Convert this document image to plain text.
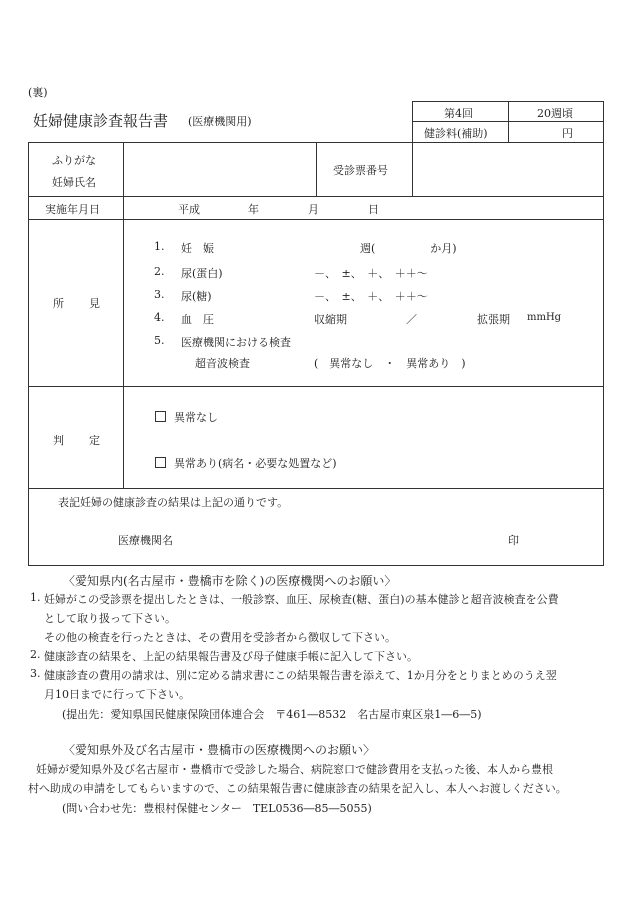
(裏)
妊婦健康診査報告書 (医療機関用)
第4回	20週頃
健診料(補助)	円
ふりがな
妊婦氏名
受診票番号
実施年月日	平成	年	月	日
所 見
1. 妊　娠	週(　　　　　か月)
2. 尿(蛋白)	－、　±、　＋、　＋＋～
3. 尿(糖)	－、　±、　＋、　＋＋～
4. 血　圧	収縮期	／	拡張期 mmHg
5. 医療機関における検査
超音波検査	(　異常なし　・　異常あり　)
判 定
異常なし
異常あり(病名・必要な処置など)
表記妊婦の健康診査の結果は上記の通りです。
医療機関名	印
〈愛知県内(名古屋市・豊橋市を除く)の医療機関へのお願い〉
1. 妊婦がこの受診票を提出したときは、一般診察、血圧、尿検査(糖、蛋白)の基本健診と超音波検査を公費
として取り扱って下さい。
その他の検査を行ったときは、その費用を受診者から徴収して下さい。
2. 健康診査の結果を、上記の結果報告書及び母子健康手帳に記入して下さい。
3. 健康診査の費用の請求は、別に定める請求書にこの結果報告書を添えて、1か月分をとりまとめのうえ翌
月10日までに行って下さい。
(提出先：愛知県国民健康保険団体連合会　〒461―8532　名古屋市東区泉1―6―5)
〈愛知県外及び名古屋市・豊橋市の医療機関へのお願い〉
妊婦が愛知県外及び名古屋市・豊橋市で受診した場合、病院窓口で健診費用を支払った後、本人から豊根
村へ助成の申請をしてもらいますので、この結果報告書に健康診査の結果を記入し、本人へお渡しください。
(問い合わせ先：豊根村保健センター　TEL0536―85―5055)
